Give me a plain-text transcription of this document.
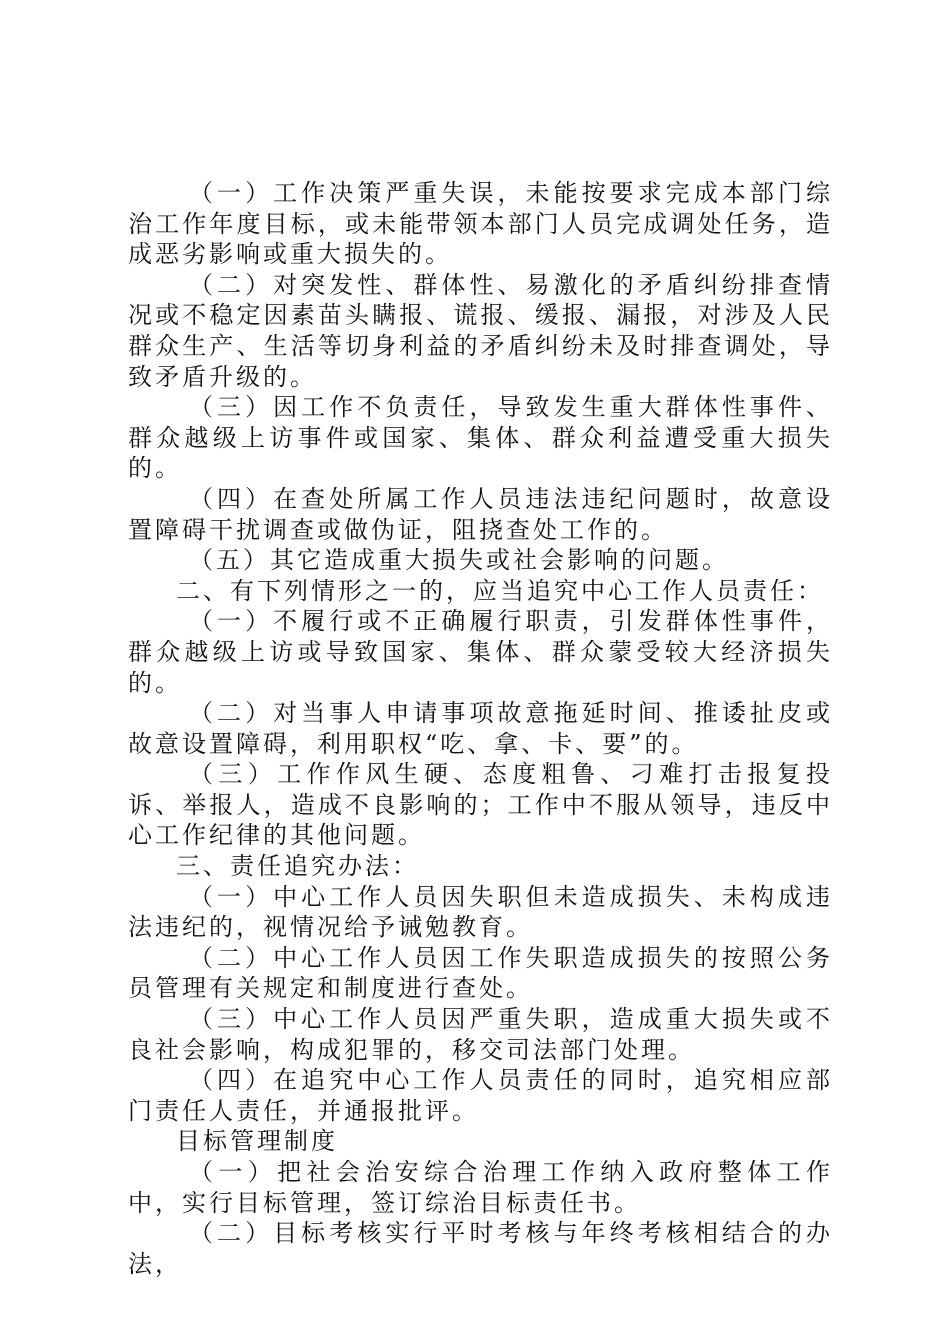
（一）工作决策严重失误，未能按要求完成本部门综治工作年度目标，或未能带领本部门人员完成调处任务，造成恶劣影响或重大损失的。

（二）对突发性、群体性、易激化的矛盾纠纷排查情况或不稳定因素苗头瞒报、谎报、缓报、漏报，对涉及人民群众生产、生活等切身利益的矛盾纠纷未及时排查调处，导致矛盾升级的。

（三）因工作不负责任，导致发生重大群体性事件、群众越级上访事件或国家、集体、群众利益遭受重大损失的。

（四）在查处所属工作人员违法违纪问题时，故意设置障碍干扰调查或做伪证，阻挠查处工作的。

（五）其它造成重大损失或社会影响的问题。

二、有下列情形之一的，应当追究中心工作人员责任：

（一）不履行或不正确履行职责，引发群体性事件，群众越级上访或导致国家、集体、群众蒙受较大经济损失的。

（二）对当事人申请事项故意拖延时间、推诿扯皮或故意设置障碍，利用职权“吃、拿、卡、要”的。

（三）工作作风生硬、态度粗鲁、刁难打击报复投诉、举报人，造成不良影响的；工作中不服从领导，违反中心工作纪律的其他问题。

三、责任追究办法：

（一）中心工作人员因失职但未造成损失、未构成违法违纪的，视情况给予诫勉教育。

（二）中心工作人员因工作失职造成损失的按照公务员管理有关规定和制度进行查处。

（三）中心工作人员因严重失职，造成重大损失或不良社会影响，构成犯罪的，移交司法部门处理。

（四）在追究中心工作人员责任的同时，追究相应部门责任人责任，并通报批评。

目标管理制度

（一）把社会治安综合治理工作纳入政府整体工作中，实行目标管理，签订综治目标责任书。

（二）目标考核实行平时考核与年终考核相结合的办法，
